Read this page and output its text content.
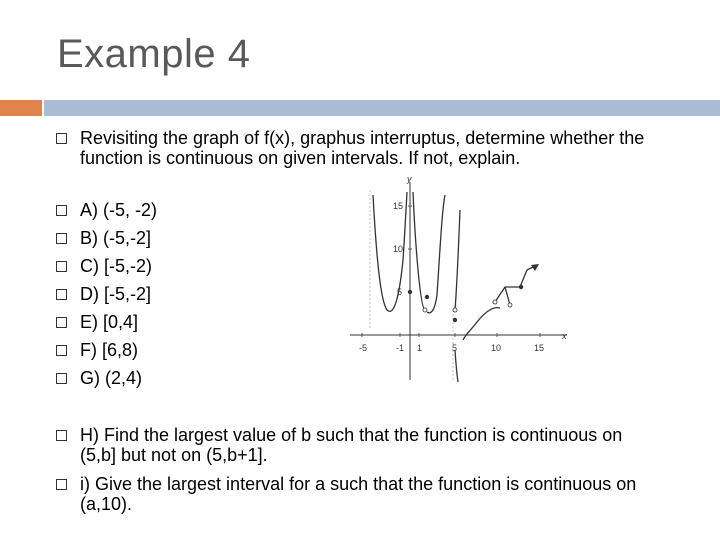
Example 4
Revisiting the graph of f(x), graphus interruptus, determine whether the function is continuous on given intervals. If not, explain.
A) (-5, -2)
B) (-5,-2]
C) [-5,-2)
D) [-5,-2]
E) [0,4]
F) [6,8)
G) (2,4)
H) Find the largest value of b such that the function is continuous on (5,b] but not on (5,b+1].
i) Give the largest interval for a such that the function is continuous on (a,10).
x
y
-5	-1 1	5	10	15
15
10
5
